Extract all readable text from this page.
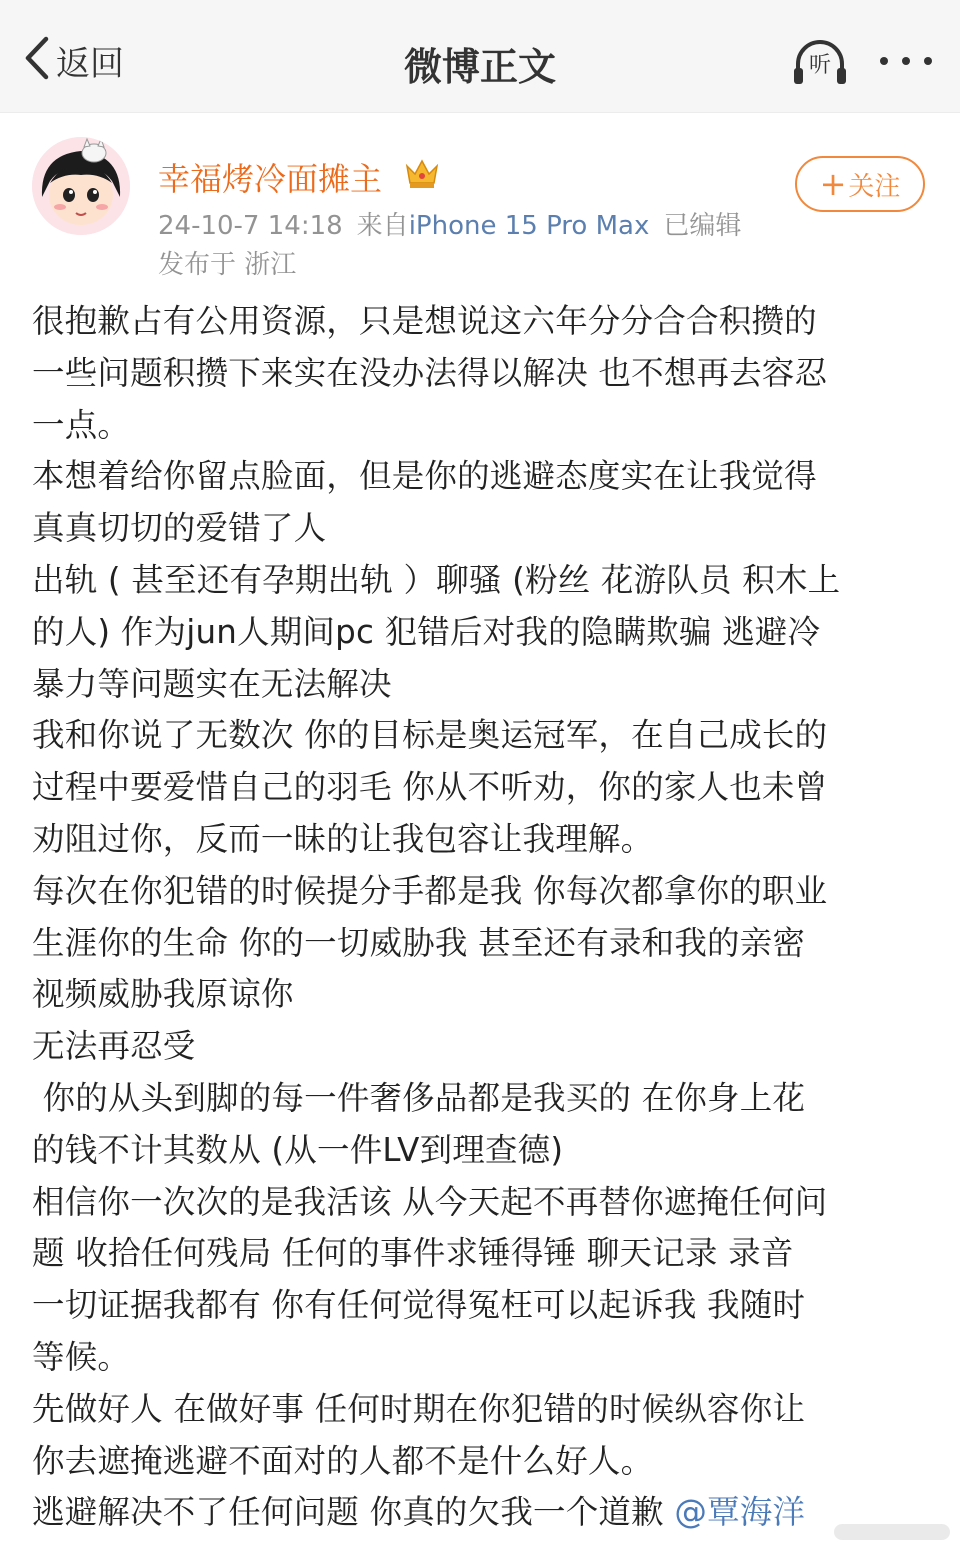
返回	微博正文	听
幸福烤冷面摊主
24-10-7 14:18 来自iPhone 15 Pro Max 已编辑
发布于 浙江
+ 关注
很抱歉占有公用资源，只是想说这六年分分合合积攒的
一些问题积攒下来实在没办法得以解决 也不想再去容忍
一点。
本想着给你留点脸面，但是你的逃避态度实在让我觉得
真真切切的爱错了人
出轨 ( 甚至还有孕期出轨 ）聊骚 (粉丝 花游队员 积木上
的人) 作为jun人期间pc 犯错后对我的隐瞒欺骗 逃避冷
暴力等问题实在无法解决
我和你说了无数次 你的目标是奥运冠军，在自己成长的
过程中要爱惜自己的羽毛 你从不听劝，你的家人也未曾
劝阻过你，反而一昧的让我包容让我理解。
每次在你犯错的时候提分手都是我 你每次都拿你的职业
生涯你的生命 你的一切威胁我 甚至还有录和我的亲密
视频威胁我原谅你
无法再忍受
你的从头到脚的每一件奢侈品都是我买的 在你身上花
的钱不计其数从 (从一件LV到理查德)
相信你一次次的是我活该 从今天起不再替你遮掩任何问
题 收拾任何残局 任何的事件求锤得锤 聊天记录 录音
一切证据我都有 你有任何觉得冤枉可以起诉我 我随时
等候。
先做好人 在做好事 任何时期在你犯错的时候纵容你让
你去遮掩逃避不面对的人都不是什么好人。
逃避解决不了任何问题 你真的欠我一个道歉 @覃海洋
